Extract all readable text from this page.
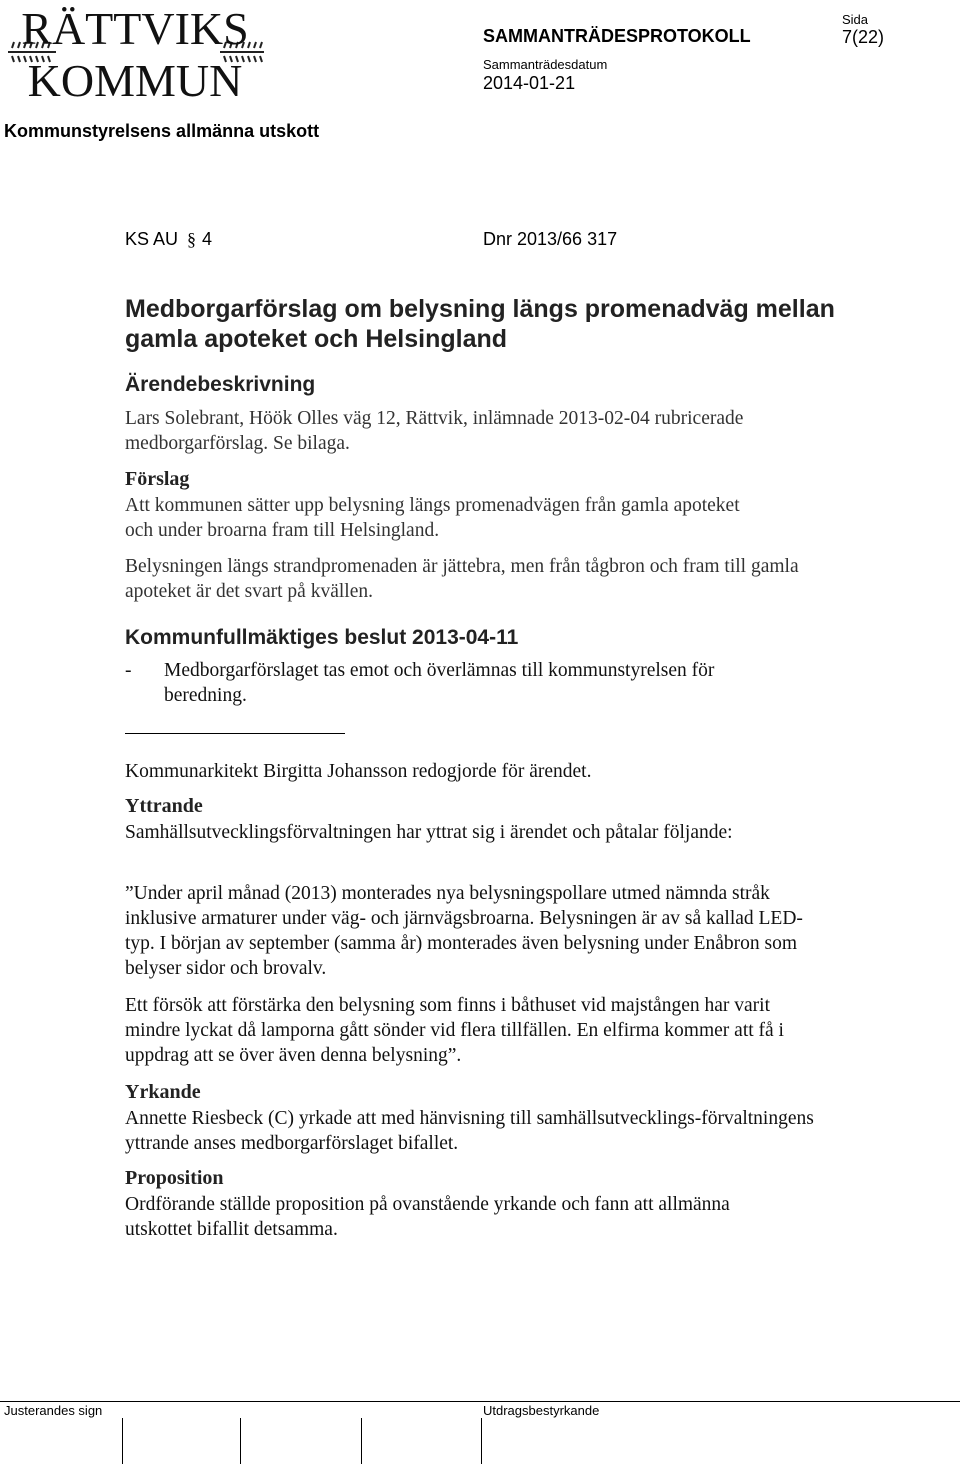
RÄTTVIKS
KOMMUN
SAMMANTRÄDESPROTOKOLL
Sida
7(22)
Sammanträdesdatum
2014-01-21
Kommunstyrelsens allmänna utskott
KS AU § 4	Dnr 2013/66 317
Medborgarförslag om belysning längs promenadväg mellan gamla apoteket och Helsingland
Ärendebeskrivning
Lars Solebrant, Höök Olles väg 12, Rättvik, inlämnade 2013-02-04 rubricerade medborgarförslag. Se bilaga.
Förslag
Att kommunen sätter upp belysning längs promenadvägen från gamla apoteket och under broarna fram till Helsingland.
Belysningen längs strandpromenaden är jättebra, men från tågbron och fram till gamla apoteket är det svart på kvällen.
Kommunfullmäktiges beslut 2013-04-11
-	Medborgarförslaget tas emot och överlämnas till kommunstyrelsen för beredning.
Kommunarkitekt Birgitta Johansson redogjorde för ärendet.
Yttrande
Samhällsutvecklingsförvaltningen har yttrat sig i ärendet och påtalar följande:
”Under april månad (2013) monterades nya belysningspollare utmed nämnda stråk inklusive armaturer under väg- och järnvägsbroarna. Belysningen är av så kallad LED-typ. I början av september (samma år) monterades även belysning under Enåbron som belyser sidor och brovalv.
Ett försök att förstärka den belysning som finns i båthuset vid majstången har varit mindre lyckat då lamporna gått sönder vid flera tillfällen. En elfirma kommer att få i uppdrag att se över även denna belysning”.
Yrkande
Annette Riesbeck (C) yrkade att med hänvisning till samhällsutvecklings-förvaltningens yttrande anses medborgarförslaget bifallet.
Proposition
Ordförande ställde proposition på ovanstående yrkande och fann att allmänna utskottet bifallit detsamma.
Justerandes sign	Utdragsbestyrkande
